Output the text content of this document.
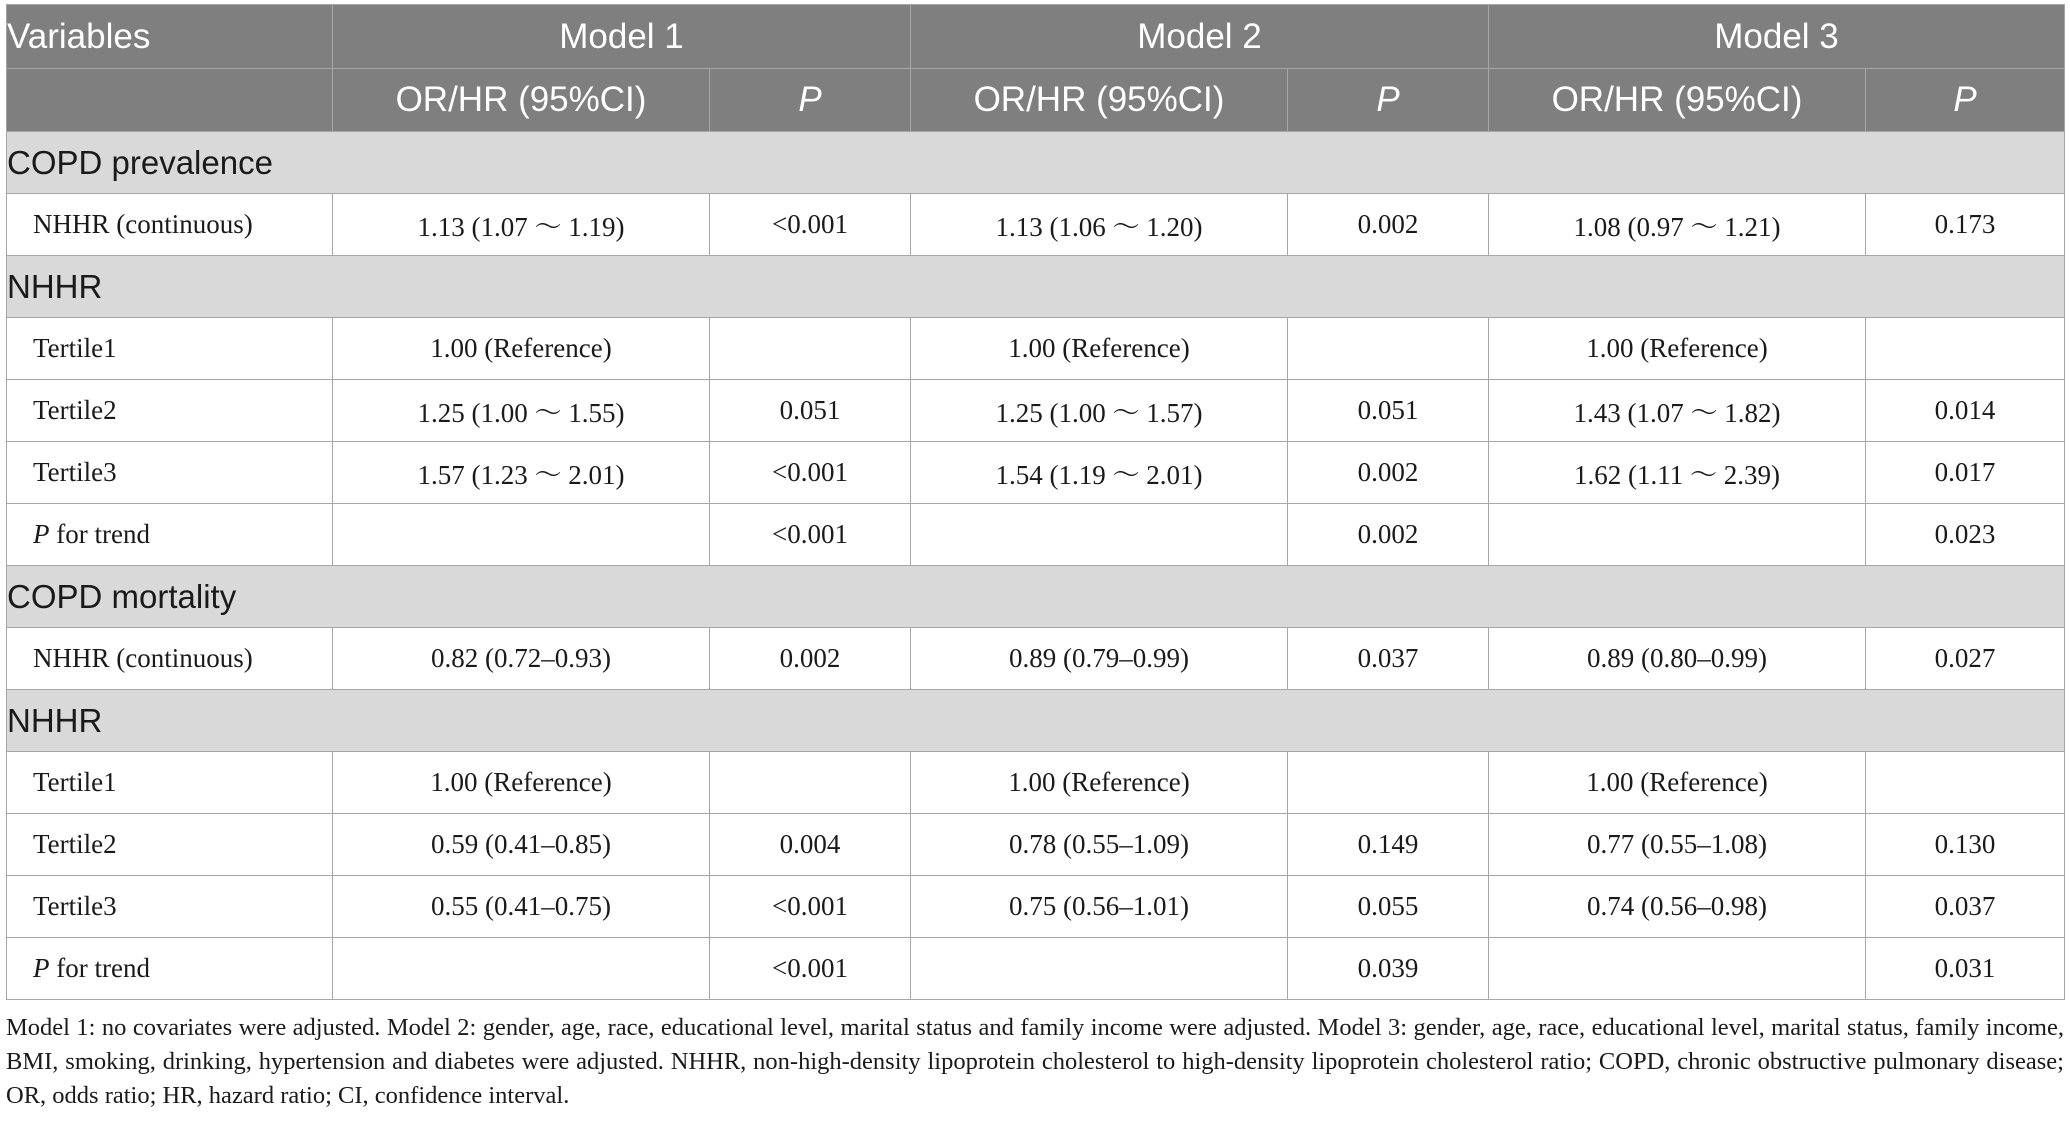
Variables	Model 1		Model 2		Model 3	
	OR/HR (95%CI)	P	OR/HR (95%CI)	P	OR/HR (95%CI)	P
COPD prevalence						
NHHR (continuous)	1.13 (1.07 ～ 1.19)	<0.001	1.13 (1.06 ～ 1.20)	0.002	1.08 (0.97 ～ 1.21)	0.173
NHHR						
Tertile1	1.00 (Reference)		1.00 (Reference)		1.00 (Reference)	
Tertile2	1.25 (1.00 ～ 1.55)	0.051	1.25 (1.00 ～ 1.57)	0.051	1.43 (1.07 ～ 1.82)	0.014
Tertile3	1.57 (1.23 ～ 2.01)	<0.001	1.54 (1.19 ～ 2.01)	0.002	1.62 (1.11 ～ 2.39)	0.017
P for trend		<0.001		0.002		0.023
COPD mortality						
NHHR (continuous)	0.82 (0.72–0.93)	0.002	0.89 (0.79–0.99)	0.037	0.89 (0.80–0.99)	0.027
NHHR						
Tertile1	1.00 (Reference)		1.00 (Reference)		1.00 (Reference)	
Tertile2	0.59 (0.41–0.85)	0.004	0.78 (0.55–1.09)	0.149	0.77 (0.55–1.08)	0.130
Tertile3	0.55 (0.41–0.75)	<0.001	0.75 (0.56–1.01)	0.055	0.74 (0.56–0.98)	0.037
P for trend		<0.001		0.039		0.031
Model 1: no covariates were adjusted. Model 2: gender, age, race, educational level, marital status and family income were adjusted. Model 3: gender, age, race, educational level, marital status, family income, BMI, smoking, drinking, hypertension and diabetes were adjusted. NHHR, non-high-density lipoprotein cholesterol to high-density lipoprotein cholesterol ratio; COPD, chronic obstructive pulmonary disease; OR, odds ratio; HR, hazard ratio; CI, confidence interval.
